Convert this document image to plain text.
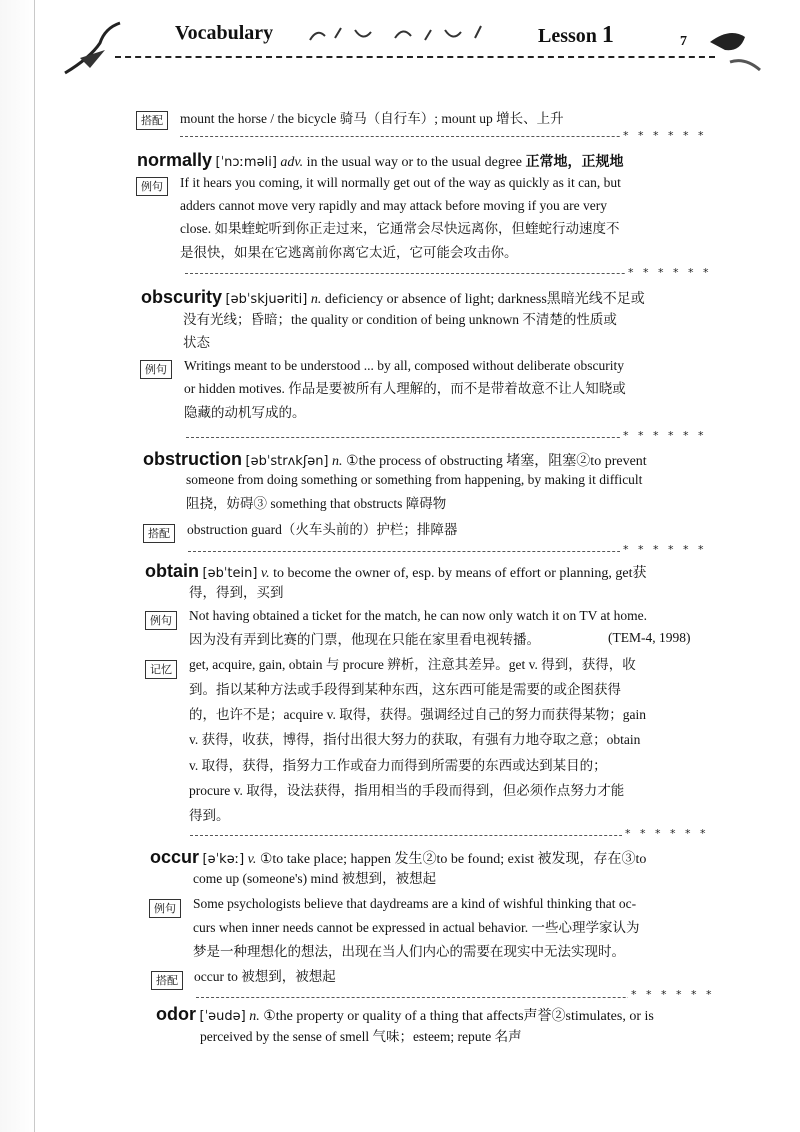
Vocabulary	Lesson 1	7
搭配	mount the horse / the bicycle 骑马（自行车）; mount up 增长、上升
* * * * * *
normally [ˈnɔːməli] adv. in the usual way or to the usual degree 正常地，正规地
例句	If it hears you coming, it will normally get out of the way as quickly as it can, but
adders cannot move very rapidly and may attack before moving if you are very
close. 如果蝰蛇听到你正走过来，它通常会尽快远离你，但蝰蛇行动速度不
是很快，如果在它逃离前你离它太近，它可能会攻击你。
* * * * * *
obscurity [əbˈskjuəriti] n. deficiency or absence of light; darkness黑暗光线不足或
没有光线；昏暗；the quality or condition of being unknown 不清楚的性质或
状态
例句	Writings meant to be understood ... by all, composed without deliberate obscurity
or hidden motives. 作品是要被所有人理解的，而不是带着故意不让人知晓或
隐藏的动机写成的。
* * * * * *
obstruction [əbˈstrʌkʃən] n. ①the process of obstructing 堵塞，阻塞②to prevent
someone from doing something or something from happening, by making it difficult
阻挠，妨碍③ something that obstructs 障碍物
搭配	obstruction guard（火车头前的）护栏；排障器
* * * * * *
obtain [əbˈtein] v. to become the owner of, esp. by means of effort or planning, get获
得，得到，买到
例句	Not having obtained a ticket for the match, he can now only watch it on TV at home.
因为没有弄到比赛的门票，他现在只能在家里看电视转播。	(TEM-4, 1998)
记忆	get, acquire, gain, obtain 与 procure 辨析，注意其差异。get v. 得到，获得，收
到。指以某种方法或手段得到某种东西，这东西可能是需要的或企图获得
的，也许不是；acquire v. 取得，获得。强调经过自己的努力而获得某物；gain
v. 获得，收获，博得，指付出很大努力的获取，有强有力地夺取之意；obtain
v. 取得，获得，指努力工作或奋力而得到所需要的东西或达到某目的；
procure v. 取得，设法获得，指用相当的手段而得到，但必须作点努力才能
得到。
* * * * * *
occur [əˈkəː] v. ①to take place; happen 发生②to be found; exist 被发现，存在③to
come up (someone's) mind 被想到，被想起
例句	Some psychologists believe that daydreams are a kind of wishful thinking that oc-
curs when inner needs cannot be expressed in actual behavior. 一些心理学家认为
梦是一种理想化的想法，出现在当人们内心的需要在现实中无法实现时。
搭配	occur to 被想到，被想起
* * * * * *
odor [ˈəudə] n. ①the property or quality of a thing that affects声誉②stimulates, or is
perceived by the sense of smell 气味；esteem; repute 名声
